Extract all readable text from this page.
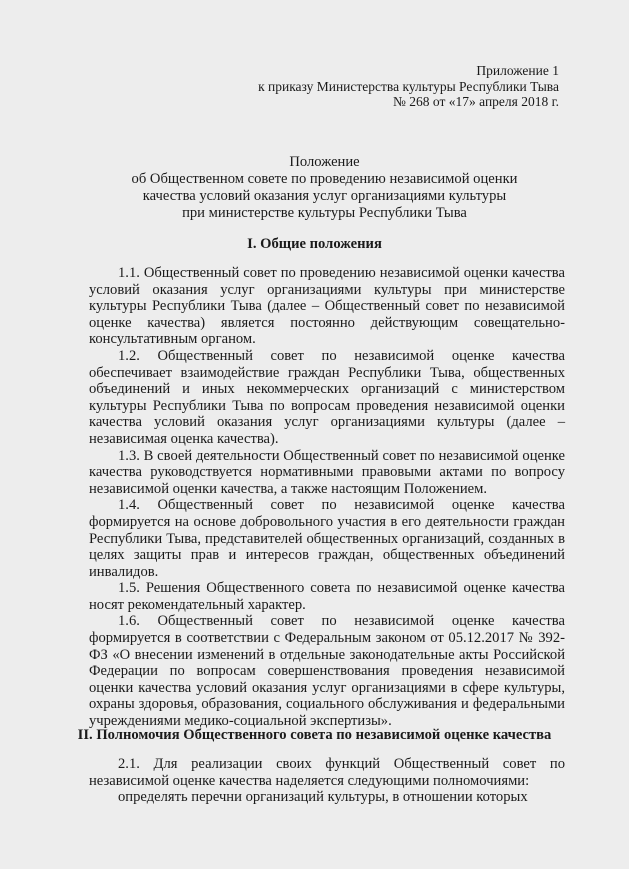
Приложение 1
к приказу Министерства культуры Республики Тыва
№ 268 от «17» апреля 2018 г.
Положение
об Общественном совете по проведению независимой оценки
качества условий оказания услуг организациями культуры
при министерстве культуры Республики Тыва
I. Общие положения

1.1. Общественный совет по проведению независимой оценки качества условий оказания услуг организациями культуры при министерстве культуры Республики Тыва (далее – Общественный совет по независимой оценке качества) является постоянно действующим совещательно-консультативным органом.

1.2. Общественный совет по независимой оценке качества обеспечивает взаимодействие граждан Республики Тыва, общественных объединений и иных некоммерческих организаций с министерством культуры Республики Тыва по вопросам проведения независимой оценки качества условий оказания услуг организациями культуры (далее – независимая оценка качества).

1.3. В своей деятельности Общественный совет по независимой оценке качества руководствуется нормативными правовыми актами по вопросу независимой оценки качества, а также настоящим Положением.

1.4. Общественный совет по независимой оценке качества формируется на основе добровольного участия в его деятельности граждан Республики Тыва, представителей общественных организаций, созданных в целях защиты прав и интересов граждан, общественных объединений инвалидов.

1.5. Решения Общественного совета по независимой оценке качества носят рекомендательный характер.

1.6. Общественный совет по независимой оценке качества формируется в соответствии с Федеральным законом от 05.12.2017 № 392-ФЗ «О внесении изменений в отдельные законодательные акты Российской Федерации по вопросам совершенствования проведения независимой оценки качества условий оказания услуг организациями в сфере культуры, охраны здоровья, образования, социального обслуживания и федеральными учреждениями медико-социальной экспертизы».

II. Полномочия Общественного совета по независимой оценке качества

2.1. Для реализации своих функций Общественный совет по независимой оценке качества наделяется следующими полномочиями:

определять перечни организаций культуры, в отношении которых
